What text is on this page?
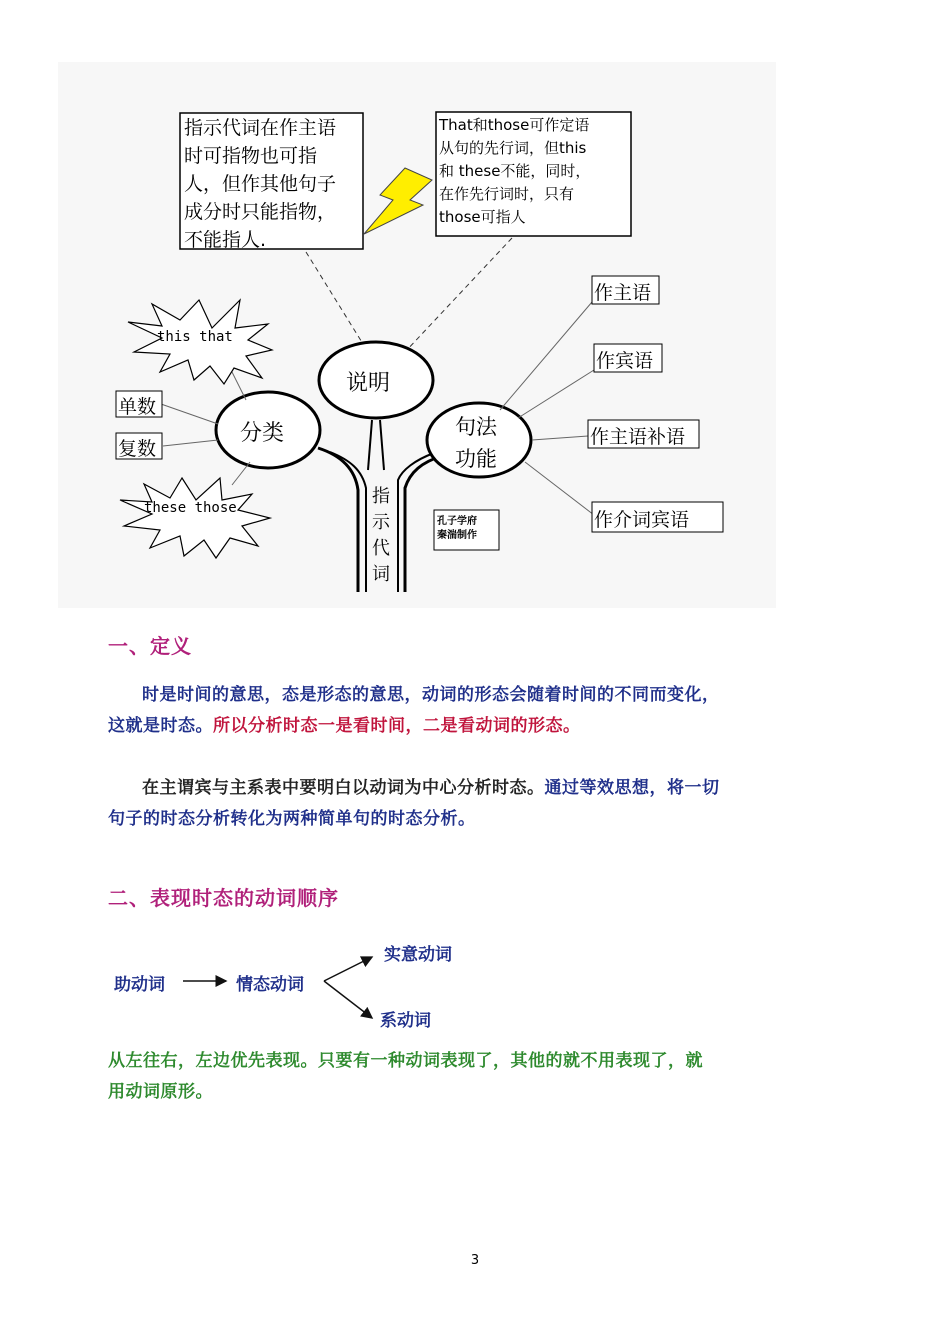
指示代词在作主语
时可指物也可指
人，但作其他句子
成分时只能指物，
不能指人.
That和those可作定语
从句的先行词，但this
和 these不能，同时，
在作先行词时，只有
those可指人
说明
分类	句法
功能
指
示
代
词
this that
these those
单数
复数
作主语
作宾语
作主语补语
作介词宾语
孔子学府
秦湍制作
一、定义

时是时间的意思，态是形态的意思，动词的形态会随着时间的不同而变化，这就是时态。所以分析时态一是看时间，二是看动词的形态。

在主谓宾与主系表中要明白以动词为中心分析时态。通过等效思想，将一切句子的时态分析转化为两种简单句的时态分析。

二、表现时态的动词顺序
助动词	情态动词
实意动词
系动词

从左往右，左边优先表现。只要有一种动词表现了，其他的就不用表现了，就用动词原形。

3
